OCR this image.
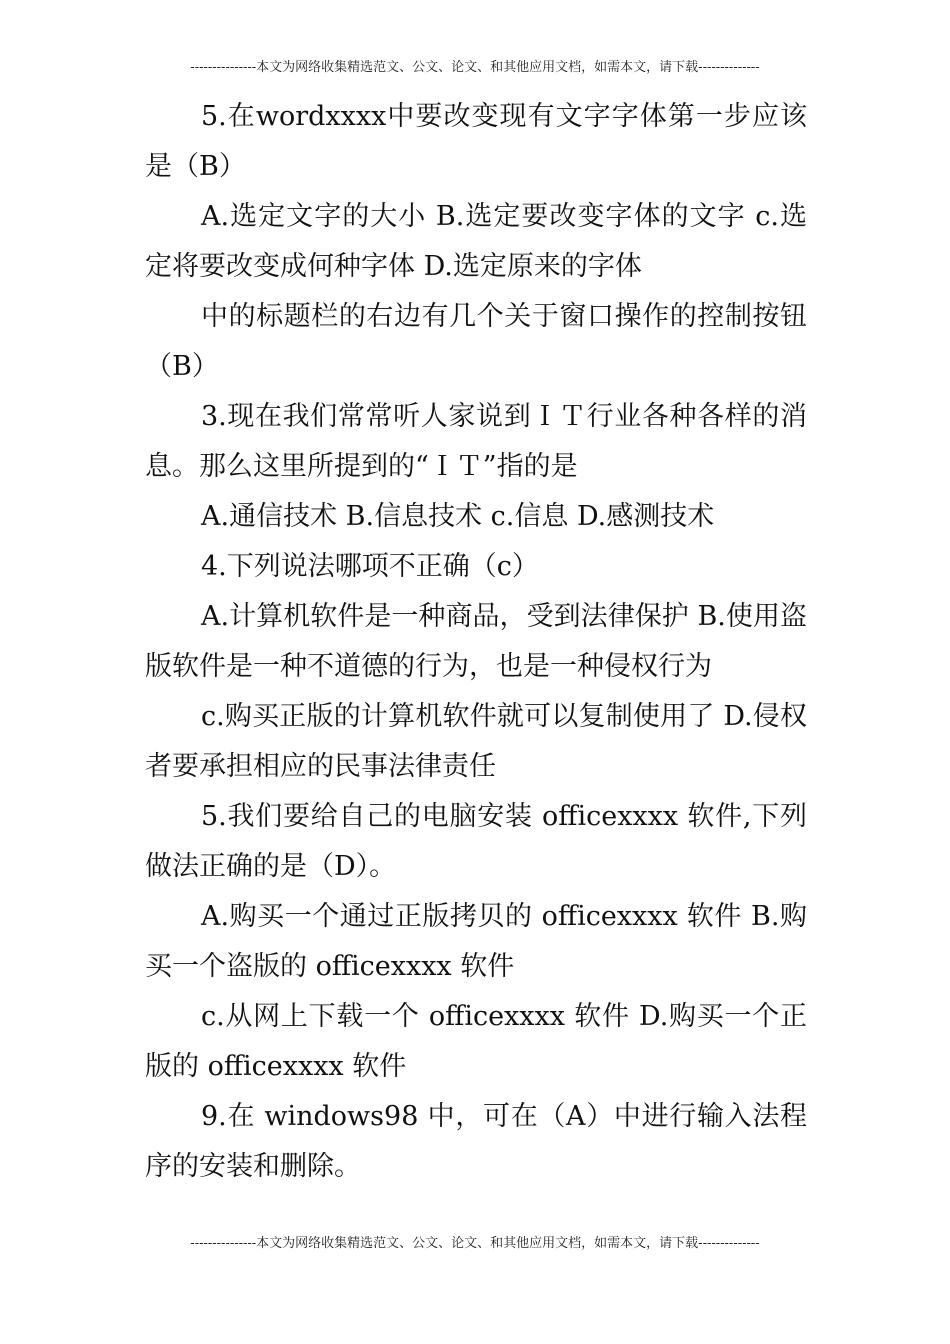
---------------本文为网络收集精选范文、公文、论文、和其他应用文档，如需本文，请下载--------------

5.在wordxxxx中要改变现有文字字体第一步应该是（B）

A.选定文字的大小 B.选定要改变字体的文字 c.选定将要改变成何种字体 D.选定原来的字体

中的标题栏的右边有几个关于窗口操作的控制按钮（B）

3.现在我们常常听人家说到ＩＴ行业各种各样的消息。那么这里所提到的“ＩＴ”指的是

A.通信技术 B.信息技术 c.信息 D.感测技术

4.下列说法哪项不正确（c）

A.计算机软件是一种商品，受到法律保护 B.使用盗版软件是一种不道德的行为，也是一种侵权行为

c.购买正版的计算机软件就可以复制使用了 D.侵权者要承担相应的民事法律责任

5.我们要给自己的电脑安装 officexxxx 软件,下列做法正确的是（D）。

A.购买一个通过正版拷贝的 officexxxx 软件 B.购买一个盗版的 officexxxx 软件

c.从网上下载一个 officexxxx 软件 D.购买一个正版的 officexxxx 软件

9.在 windows98 中，可在（A）中进行输入法程序的安装和删除。

---------------本文为网络收集精选范文、公文、论文、和其他应用文档，如需本文，请下载--------------
